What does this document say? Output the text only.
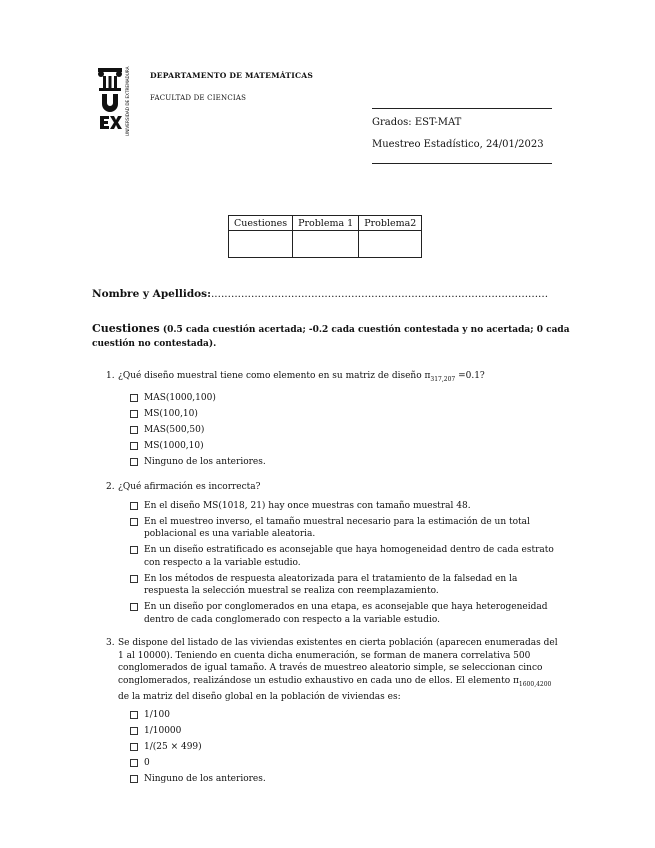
UNIVERSIDAD DE EXTREMADURA	DEPARTAMENTO DE MATEMÁTICAS
FACULTAD DE CIENCIAS
Grados: EST-MAT
Muestreo Estadístico, 24/01/2023
Cuestiones	Problema 1	Problema2

Nombre y Apellidos:.....................................................................................................
Cuestiones (0.5 cada cuestión acertada; -0.2 cada cuestión contestada y no acertada; 0 cada cuestión no contestada).
1. ¿Qué diseño muestral tiene como elemento en su matriz de diseño $\pi_{317,207} =0.1$?
MAS(1000,100)
MS(100,10)
MAS(500,50)
MS(1000,10)
Ninguno de los anteriores.
2. ¿Qué afirmación es incorrecta?
En el diseño MS(1018, 21) hay once muestras con tamaño muestral 48.
En el muestreo inverso, el tamaño muestral necesario para la estimación de un total poblacional es una variable aleatoria.
En un diseño estratificado es aconsejable que haya homogeneidad dentro de cada estrato con respecto a la variable estudio.
En los métodos de respuesta aleatorizada para el tratamiento de la falsedad en la respuesta la selección muestral se realiza con reemplazamiento.
En un diseño por conglomerados en una etapa, es aconsejable que haya heterogeneidad dentro de cada conglomerado con respecto a la variable estudio.
3. Se dispone del listado de las viviendas existentes en cierta población (aparecen enumeradas del 1 al 10000). Teniendo en cuenta dicha enumeración, se forman de manera correlativa 500 conglomerados de igual tamaño. A través de muestreo aleatorio simple, se seleccionan cinco conglomerados, realizándose un estudio exhaustivo en cada uno de ellos. El elemento $\pi_{1600,4200}$ de la matriz del diseño global en la población de viviendas es:
1/100
1/10000
1/(25 × 499)
0
Ninguno de los anteriores.
